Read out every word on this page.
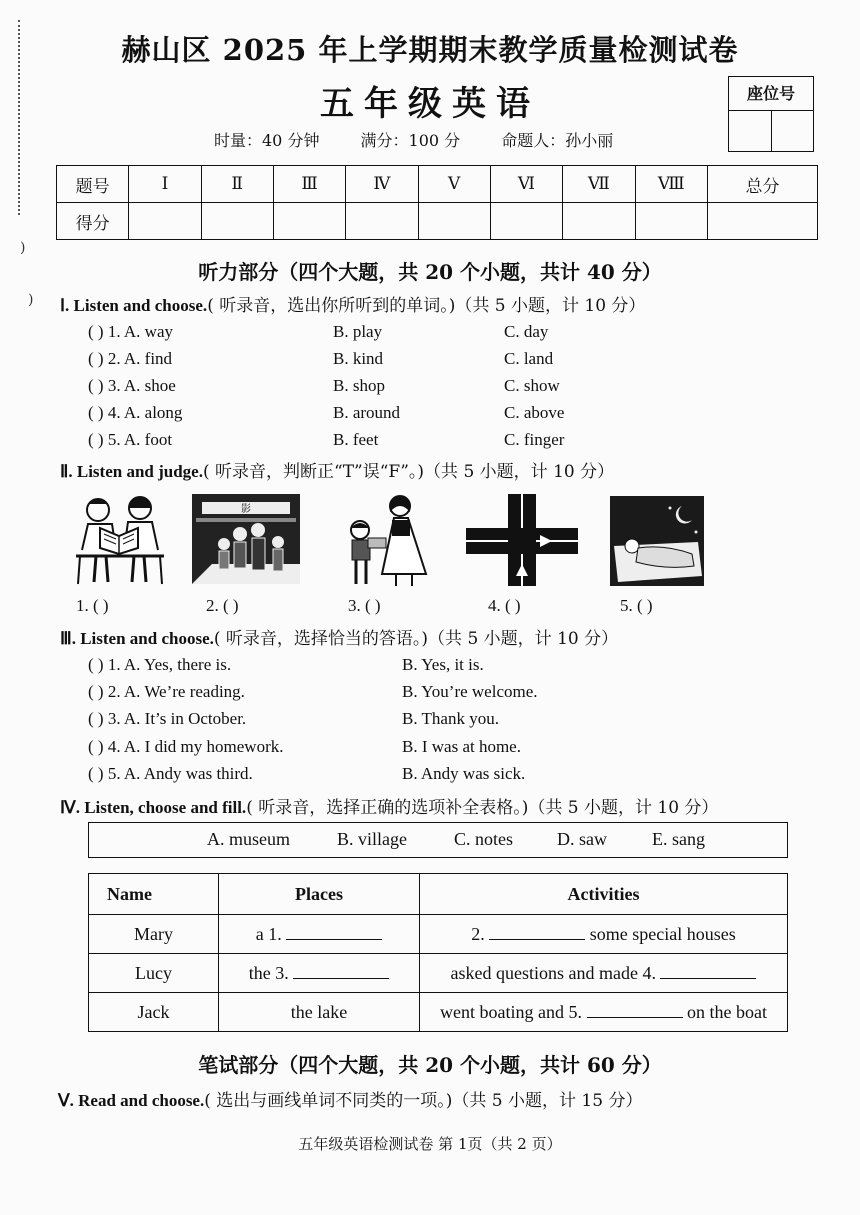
)
)
赫山区 2025 年上学期期末教学质量检测试卷
五年级英语	座位号
时量：40 分钟	满分：100 分	命题人：孙小丽
题号	Ⅰ	Ⅱ	Ⅲ	Ⅳ	Ⅴ	Ⅵ	Ⅶ	Ⅷ	总分
得分									
听力部分（四个大题，共 20 个小题，共计 40 分）
Ⅰ. Listen and choose.( 听录音，选出你所听到的单词。)（共 5 小题，计 10 分）
( ) 1. A. way	B. play	C. day
( ) 2. A. find	B. kind	C. land
( ) 3. A. shoe	B. shop	C. show
( ) 4. A. along	B. around	C. above
( ) 5. A. foot	B. feet	C. finger
Ⅱ. Listen and judge.( 听录音，判断正“T”误“F”。)（共 5 小题，计 10 分）
影
1. ( )	2. ( )	3. ( )	4. ( )	5. ( )
Ⅲ. Listen and choose.( 听录音，选择恰当的答语。)（共 5 小题，计 10 分）
( ) 1. A. Yes, there is.	B. Yes, it is.
( ) 2. A. We’re reading.	B. You’re welcome.
( ) 3. A. It’s in October.	B. Thank you.
( ) 4. A. I did my homework.	B. I was at home.
( ) 5. A. Andy was third.	B. Andy was sick.
Ⅳ. Listen, choose and fill.( 听录音，选择正确的选项补全表格。)（共 5 小题，计 10 分）
A. museum	B. village	C. notes D. saw	E. sang
Name	Places	Activities
Mary	a 1.	2. some special houses
Lucy	the 3.	asked questions and made 4.
Jack	the lake	went boating and 5. on the boat
笔试部分（四个大题，共 20 个小题，共计 60 分）
Ⅴ. Read and choose.( 选出与画线单词不同类的一项。)（共 5 小题，计 15 分）
五年级英语检测试卷 第 1页（共 2 页）
